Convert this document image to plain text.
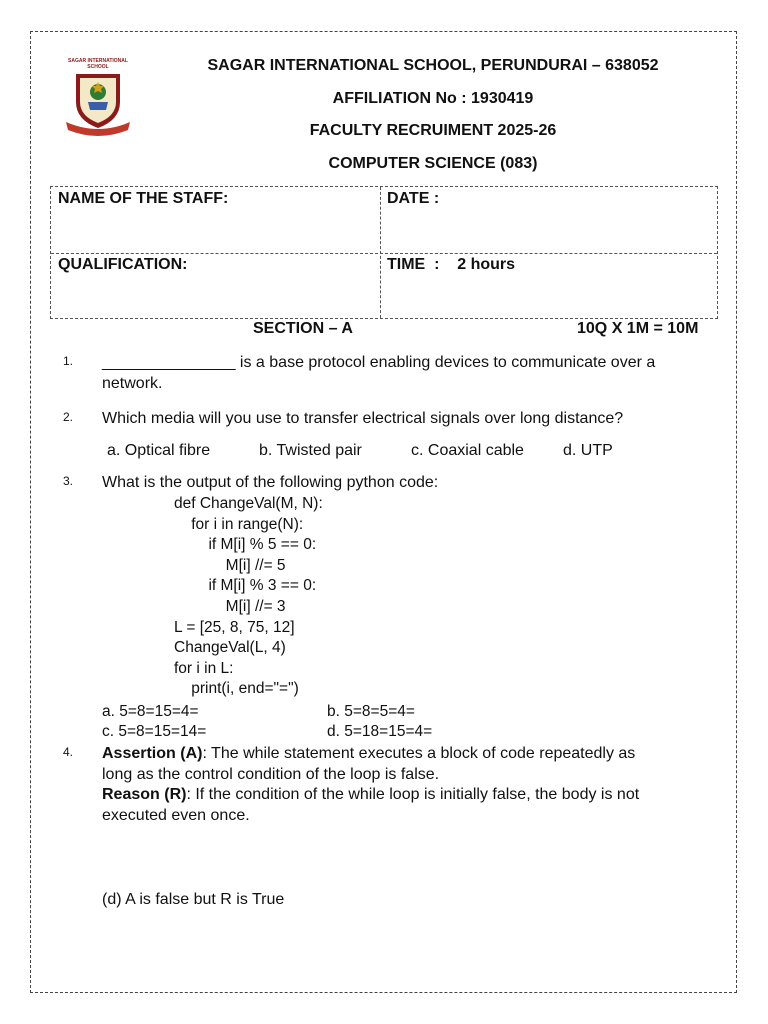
SAGAR INTERNATIONAL
SCHOOL	SAGAR INTERNATIONAL SCHOOL, PERUNDURAI – 638052
AFFILIATION No : 1930419
FACULTY RECRUIMENT 2025-26
COMPUTER SCIENCE (083)
NAME OF THE STAFF:	DATE :
QUALIFICATION:	TIME  :    2 hours
SECTION – A	10Q X 1M = 10M
1. _______________ is a base protocol enabling devices to communicate over a
network.
2. Which media will you use to transfer electrical signals over long distance?
a. Optical fibre	b. Twisted pair	c. Coaxial cable d. UTP
3. What is the output of the following python code:
def ChangeVal(M, N):
for i in range(N):
if M[i] % 5 == 0:
M[i] //= 5
if M[i] % 3 == 0:
M[i] //= 3
L = [25, 8, 75, 12]
ChangeVal(L, 4)
for i in L:
print(i, end="=")
a. 5=8=15=4=	b. 5=8=5=4=
c. 5=8=15=14=	d. 5=18=15=4=
4. Assertion (A): The while statement executes a block of code repeatedly as
long as the control condition of the loop is false.
Reason (R): If the condition of the while loop is initially false, the body is not
executed even once.
(d) A is false but R is True
